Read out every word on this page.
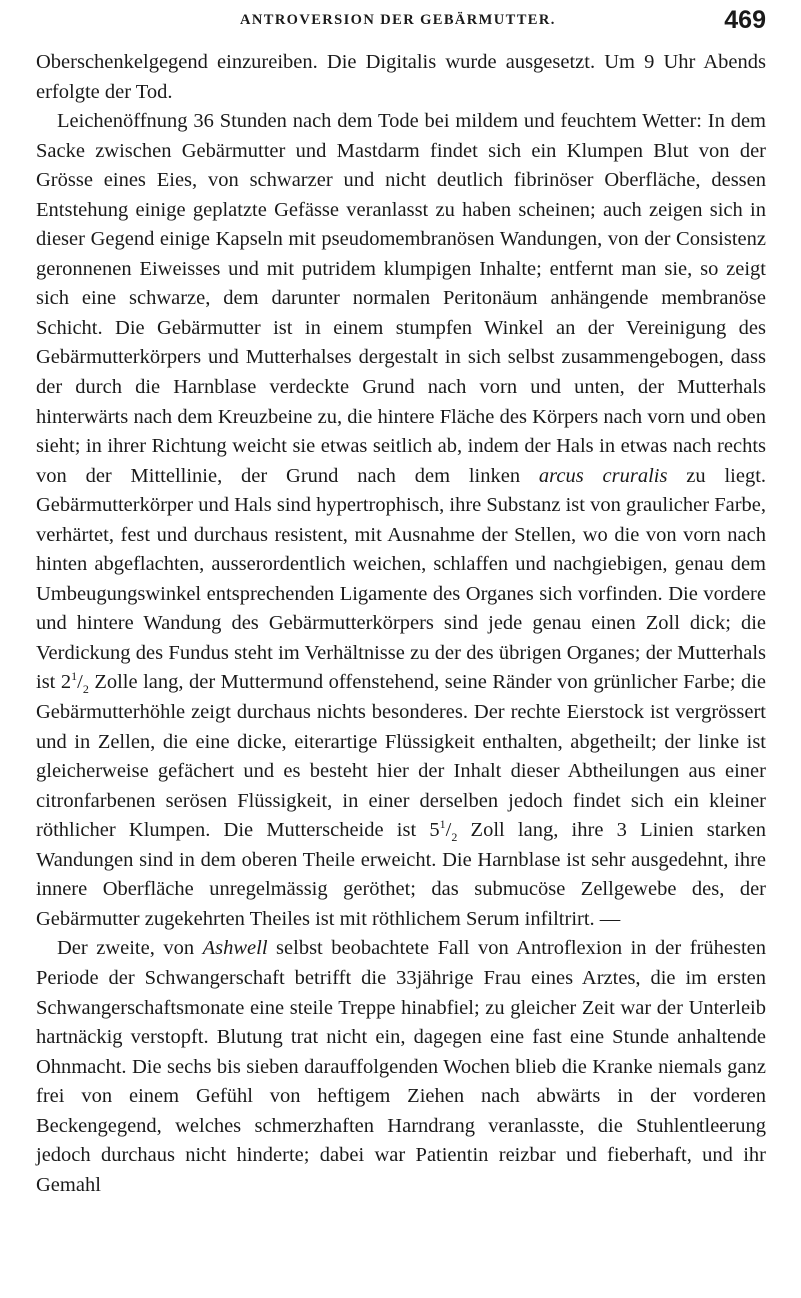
ANTROVERSION DER GEBÄRMUTTER.	469

Oberschenkelgegend einzureiben. Die Digitalis wurde ausgesetzt. Um 9 Uhr Abends erfolgte der Tod.

Leichenöffnung 36 Stunden nach dem Tode bei mildem und feuchtem Wetter: In dem Sacke zwischen Gebärmutter und Mastdarm findet sich ein Klumpen Blut von der Grösse eines Eies, von schwarzer und nicht deutlich fibrinöser Oberfläche, dessen Entstehung einige geplatzte Gefässe veranlasst zu haben scheinen; auch zeigen sich in dieser Gegend einige Kapseln mit pseudomembranösen Wandungen, von der Consistenz geronnenen Eiweisses und mit putridem klumpigen Inhalte; entfernt man sie, so zeigt sich eine schwarze, dem darunter normalen Peritonäum anhängende membranöse Schicht. Die Gebärmutter ist in einem stumpfen Winkel an der Vereinigung des Gebärmutterkörpers und Mutterhalses dergestalt in sich selbst zusammengebogen, dass der durch die Harnblase verdeckte Grund nach vorn und unten, der Mutterhals hinterwärts nach dem Kreuzbeine zu, die hintere Fläche des Körpers nach vorn und oben sieht; in ihrer Richtung weicht sie etwas seitlich ab, indem der Hals in etwas nach rechts von der Mittellinie, der Grund nach dem linken arcus cruralis zu liegt. Gebärmutterkörper und Hals sind hypertrophisch, ihre Substanz ist von graulicher Farbe, verhärtet, fest und durchaus resistent, mit Ausnahme der Stellen, wo die von vorn nach hinten abgeflachten, ausserordentlich weichen, schlaffen und nachgiebigen, genau dem Umbeugungswinkel entsprechenden Ligamente des Organes sich vorfinden. Die vordere und hintere Wandung des Gebärmutterkörpers sind jede genau einen Zoll dick; die Verdickung des Fundus steht im Verhältnisse zu der des übrigen Organes; der Mutterhals ist $2^1/_2$ Zolle lang, der Muttermund offenstehend, seine Ränder von grünlicher Farbe; die Gebärmutterhöhle zeigt durchaus nichts besonderes. Der rechte Eierstock ist vergrössert und in Zellen, die eine dicke, eiterartige Flüssigkeit enthalten, abgetheilt; der linke ist gleicherweise gefächert und es besteht hier der Inhalt dieser Abtheilungen aus einer citronfarbenen serösen Flüssigkeit, in einer derselben jedoch findet sich ein kleiner röthlicher Klumpen. Die Mutterscheide ist $5^1/_2$ Zoll lang, ihre 3 Linien starken Wandungen sind in dem oberen Theile erweicht. Die Harnblase ist sehr ausgedehnt, ihre innere Oberfläche unregelmässig geröthet; das submucöse Zellgewebe des, der Gebärmutter zugekehrten Theiles ist mit röthlichem Serum infiltrirt. —

Der zweite, von Ashwell selbst beobachtete Fall von Antroflexion in der frühesten Periode der Schwangerschaft betrifft die 33jährige Frau eines Arztes, die im ersten Schwangerschaftsmonate eine steile Treppe hinabfiel; zu gleicher Zeit war der Unterleib hartnäckig verstopft. Blutung trat nicht ein, dagegen eine fast eine Stunde anhaltende Ohnmacht. Die sechs bis sieben darauffolgenden Wochen blieb die Kranke niemals ganz frei von einem Gefühl von heftigem Ziehen nach abwärts in der vorderen Beckengegend, welches schmerzhaften Harndrang veranlasste, die Stuhlentleerung jedoch durchaus nicht hinderte; dabei war Patientin reizbar und fieberhaft, und ihr Gemahl
